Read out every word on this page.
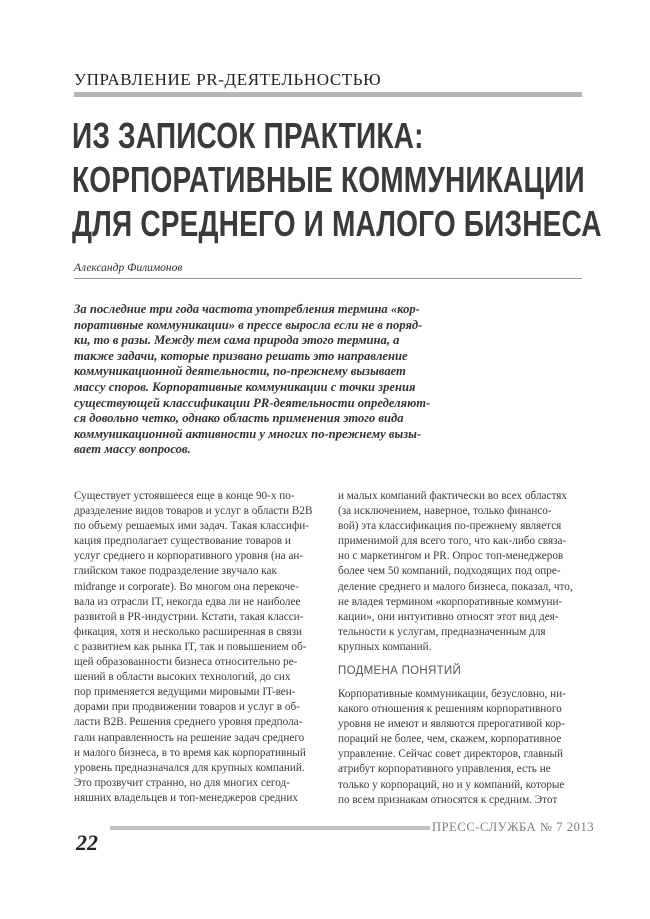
УПРАВЛЕНИЕ PR-ДЕЯТЕЛЬНОСТЬЮ
ИЗ ЗАПИСОК ПРАКТИКА:
КОРПОРАТИВНЫЕ КОММУНИКАЦИИ
ДЛЯ СРЕДНЕГО И МАЛОГО БИЗНЕСА
Александр Филимонов
За последние три года частота употребления термина «кор-
поративные коммуникации» в прессе выросла если не в поряд-
ки, то в разы. Между тем сама природа этого термина, а
также задачи, которые призвано решать это направление
коммуникационной деятельности, по-прежнему вызывает
массу споров. Корпоративные коммуникации с точки зрения
существующей классификации PR-деятельности определяют-
ся довольно четко, однако область применения этого вида
коммуникационной активности у многих по-прежнему вызы-
вает массу вопросов.
Существует устоявшееся еще в конце 90-х по-
дразделение видов товаров и услуг в области B2B
по объему решаемых ими задач. Такая классифи-
кация предполагает существование товаров и
услуг среднего и корпоративного уровня (на ан-
глийском такое подразделение звучало как
midrange и corporate). Во многом она перекоче-
вала из отрасли IT, некогда едва ли не наиболее
развитой в PR-индустрии. Кстати, такая класси-
фикация, хотя и несколько расширенная в связи
с развитием как рынка IT, так и повышением об-
щей образованности бизнеса относительно ре-
шений в области высоких технологий, до сих
пор применяется ведущими мировыми IT-вен-
дорами при продвижении товаров и услуг в об-
ласти B2B. Решения среднего уровня предпола-
гали направленность на решение задач среднего
и малого бизнеса, в то время как корпоративный
уровень предназначался для крупных компаний.
Это прозвучит странно, но для многих сегод-
няшних владельцев и топ-менеджеров средних
и малых компаний фактически во всех областях
(за исключением, наверное, только финансо-
вой) эта классификация по-прежнему является
применимой для всего того, что как-либо связа-
но с маркетингом и PR. Опрос топ-менеджеров
более чем 50 компаний, подходящих под опре-
деление среднего и малого бизнеса, показал, что,
не владея термином «корпоративные коммуни-
кации», они интуитивно относят этот вид дея-
тельности к услугам, предназначенным для
крупных компаний.
ПОДМЕНА ПОНЯТИЙ
Корпоративные коммуникации, безусловно, ни-
какого отношения к решениям корпоративного
уровня не имеют и являются прерогативой кор-
пораций не более, чем, скажем, корпоративное
управление. Сейчас совет директоров, главный
атрибут корпоративного управления, есть не
только у корпораций, но и у компаний, которые
по всем признакам относятся к средним. Этот
22
ПРЕСС-СЛУЖБА № 7 2013
